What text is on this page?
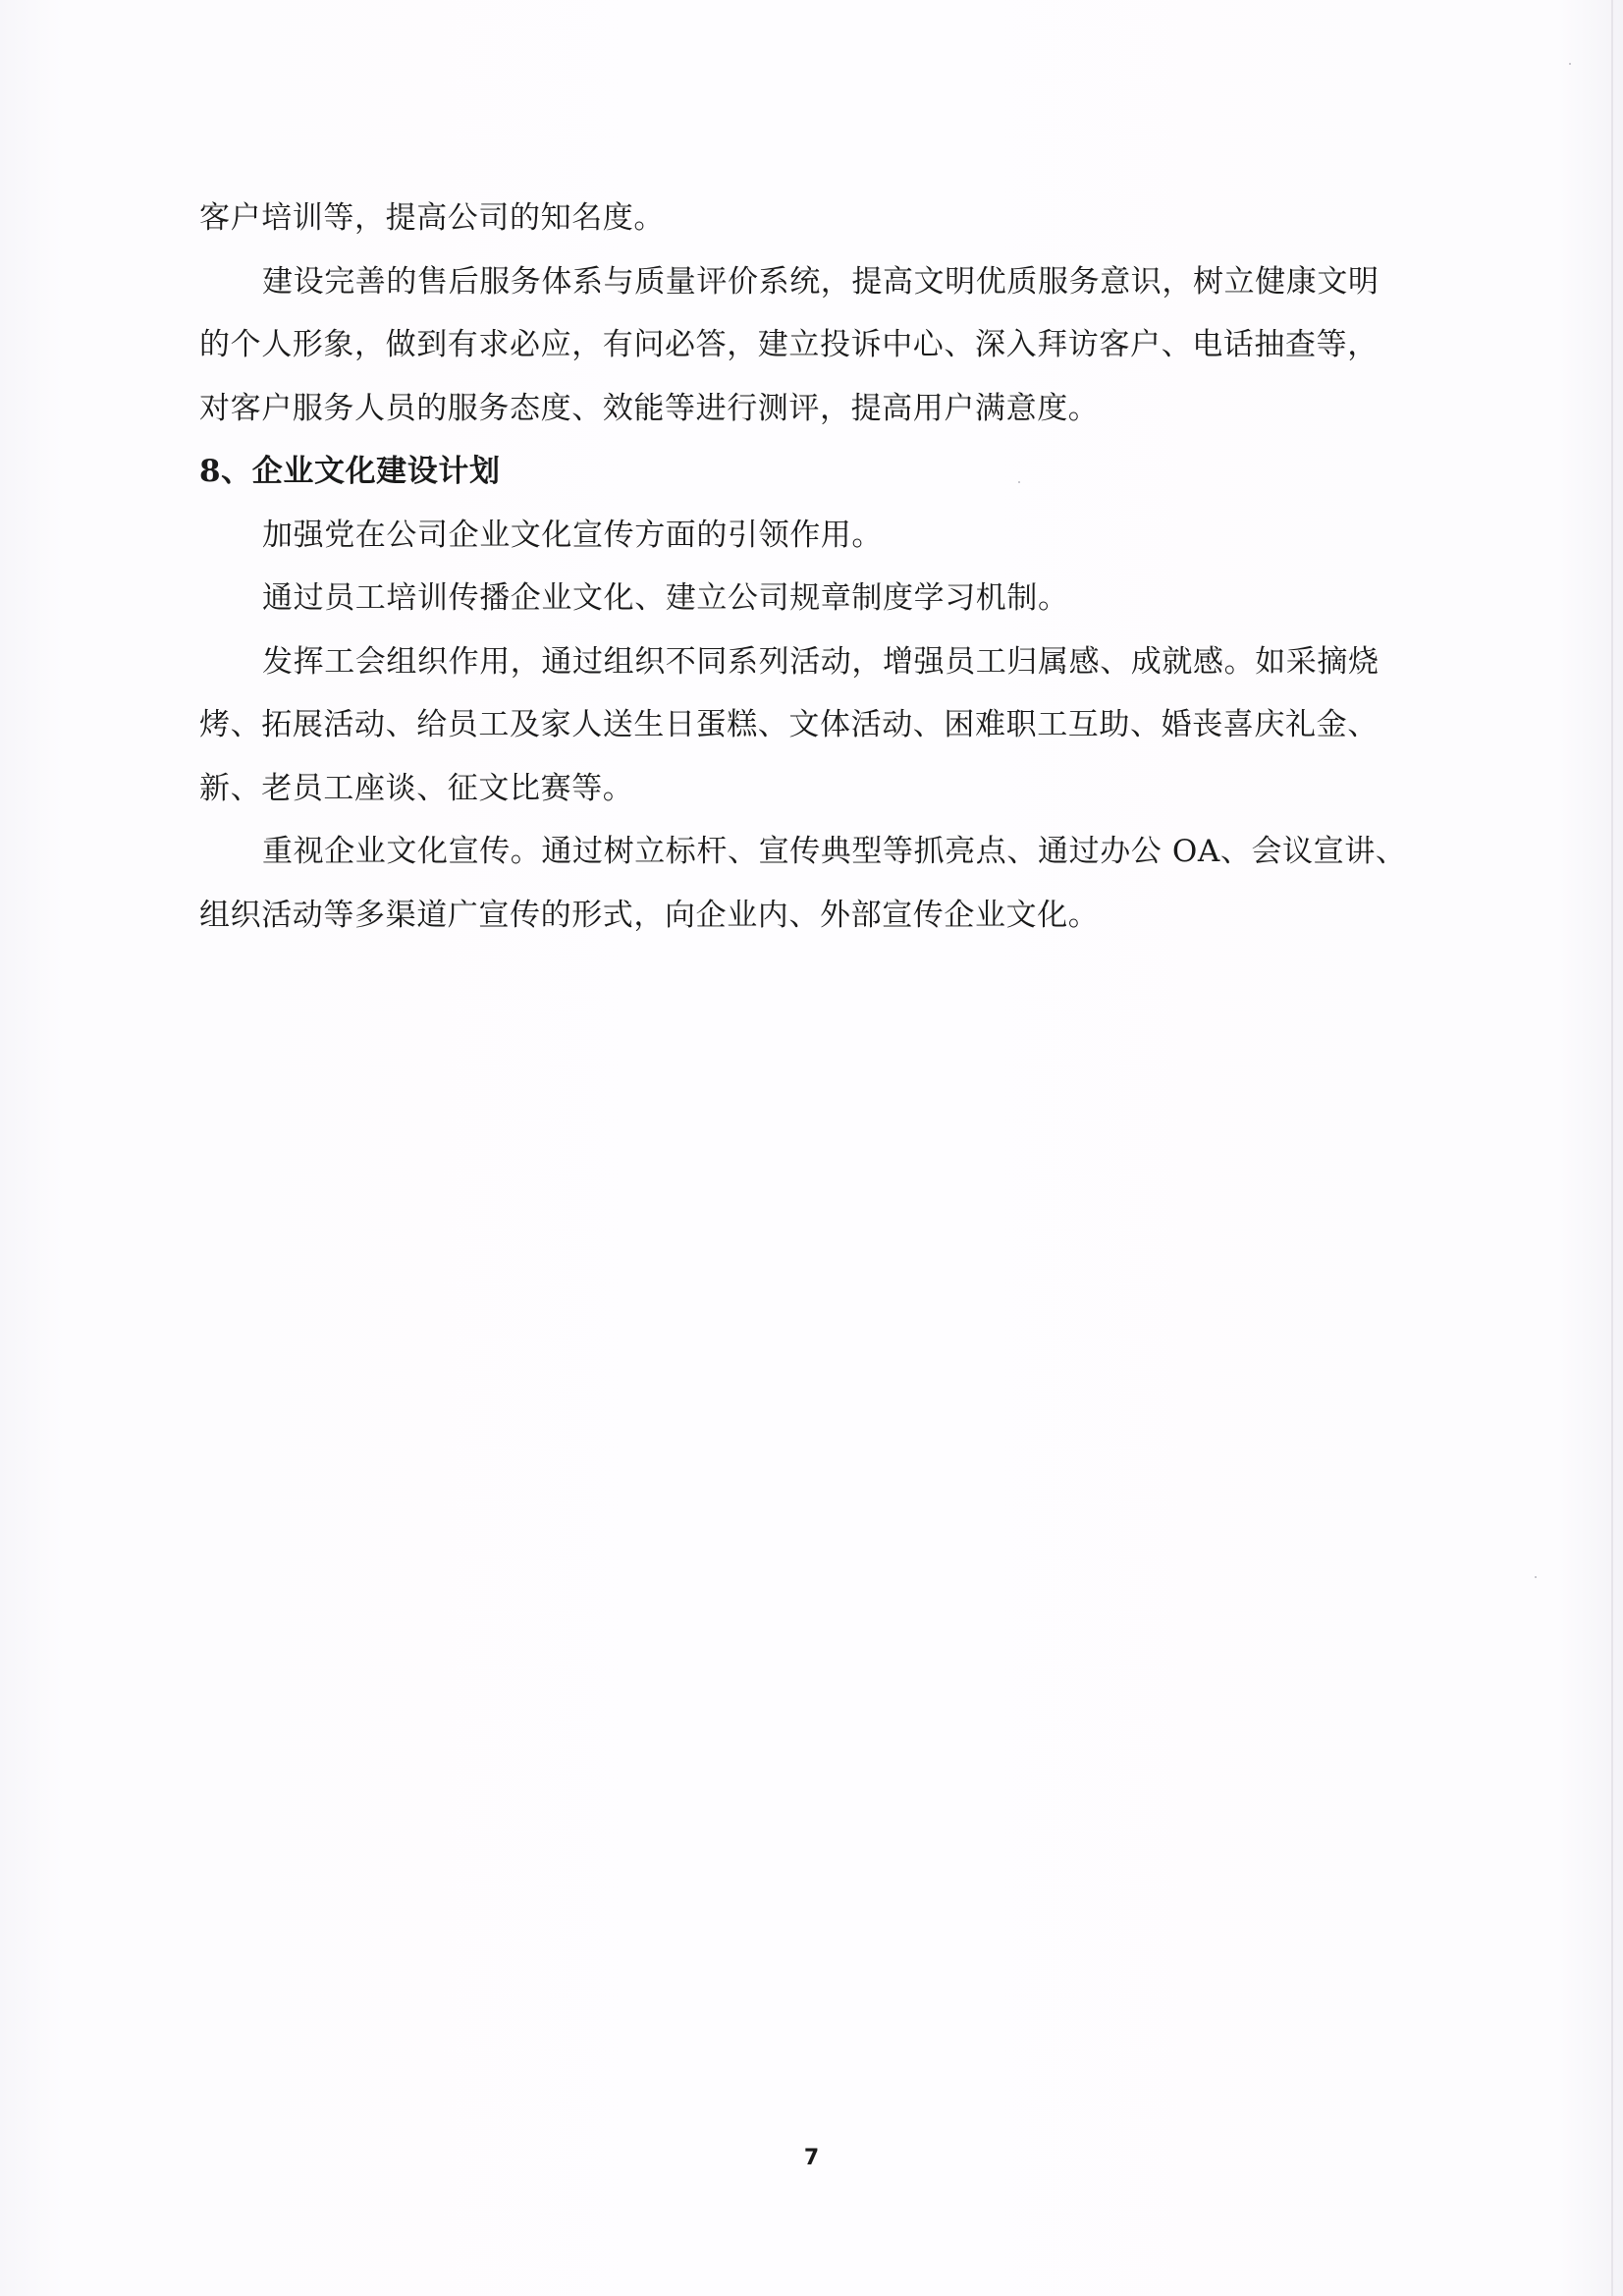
客户培训等，提高公司的知名度。
建设完善的售后服务体系与质量评价系统，提高文明优质服务意识，树立健康文明
的个人形象，做到有求必应，有问必答，建立投诉中心、深入拜访客户、电话抽查等，
对客户服务人员的服务态度、效能等进行测评，提高用户满意度。
8、企业文化建设计划
加强党在公司企业文化宣传方面的引领作用。
通过员工培训传播企业文化、建立公司规章制度学习机制。
发挥工会组织作用，通过组织不同系列活动，增强员工归属感、成就感。如采摘烧
烤、拓展活动、给员工及家人送生日蛋糕、文体活动、困难职工互助、婚丧喜庆礼金、
新、老员工座谈、征文比赛等。
重视企业文化宣传。通过树立标杆、宣传典型等抓亮点、通过办公 OA、会议宣讲、
组织活动等多渠道广宣传的形式，向企业内、外部宣传企业文化。
7
